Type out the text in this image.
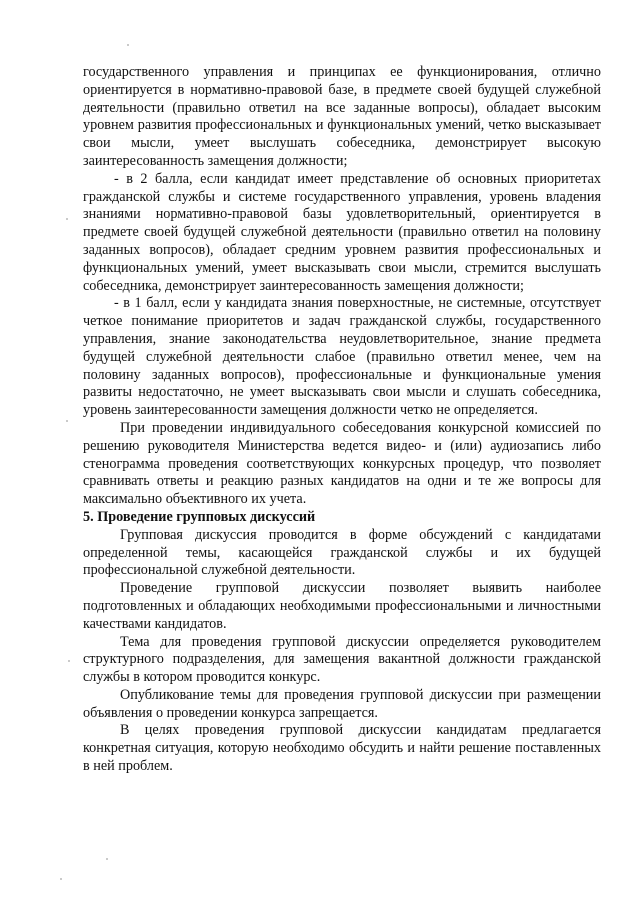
государственного управления и принципах ее функционирования, отлично ориентируется в нормативно-правовой базе, в предмете своей будущей служебной деятельности (правильно ответил на все заданные вопросы), обладает высоким уровнем развития профессиональных и функциональных умений, четко высказывает свои мысли, умеет выслушать собеседника, демонстрирует высокую заинтересованность замещения должности;

- в 2 балла, если кандидат имеет представление об основных приоритетах гражданской службы и системе государственного управления, уровень владения знаниями нормативно-правовой базы удовлетворительный, ориентируется в предмете своей будущей служебной деятельности (правильно ответил на половину заданных вопросов), обладает средним уровнем развития профессиональных и функциональных умений, умеет высказывать свои мысли, стремится выслушать собеседника, демонстрирует заинтересованность замещения должности;

- в 1 балл, если у кандидата знания поверхностные, не системные, отсутствует четкое понимание приоритетов и задач гражданской службы, государственного управления, знание законодательства неудовлетворительное, знание предмета будущей служебной деятельности слабое (правильно ответил менее, чем на половину заданных вопросов), профессиональные и функциональные умения развиты недостаточно, не умеет высказывать свои мысли и слушать собеседника, уровень заинтересованности замещения должности четко не определяется.

При проведении индивидуального собеседования конкурсной комиссией по решению руководителя Министерства ведется видео- и (или) аудиозапись либо стенограмма проведения соответствующих конкурсных процедур, что позволяет сравнивать ответы и реакцию разных кандидатов на одни и те же вопросы для максимально объективного их учета.

5. Проведение групповых дискуссий

Групповая дискуссия проводится в форме обсуждений с кандидатами определенной темы, касающейся гражданской службы и их будущей профессиональной служебной деятельности.

Проведение групповой дискуссии позволяет выявить наиболее подготовленных и обладающих необходимыми профессиональными и личностными качествами кандидатов.

Тема для проведения групповой дискуссии определяется руководителем структурного подразделения, для замещения вакантной должности гражданской службы в котором проводится конкурс.

Опубликование темы для проведения групповой дискуссии при размещении объявления о проведении конкурса запрещается.

В целях проведения групповой дискуссии кандидатам предлагается конкретная ситуация, которую необходимо обсудить и найти решение поставленных в ней проблем.
